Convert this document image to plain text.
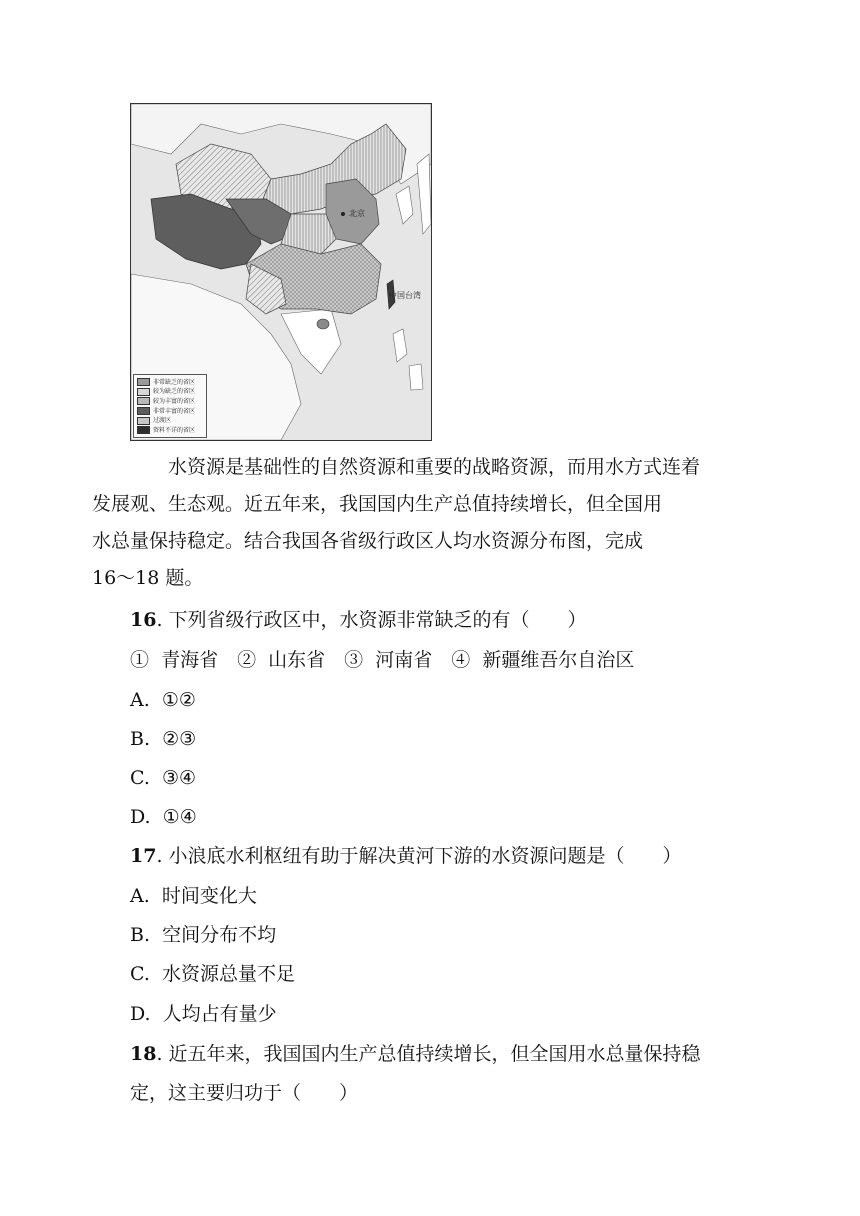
北京
中国台湾
非常缺乏的省区
较为缺乏的省区
较为丰富的省区
非常丰富的省区
过渡区
资料不详的省区
水资源是基础性的自然资源和重要的战略资源，而用水方式连着
发展观、生态观。近五年来，我国国内生产总值持续增长，但全国用
水总量保持稳定。结合我国各省级行政区人均水资源分布图，完成
16～18 题。
16. 下列省级行政区中，水资源非常缺乏的有（　　）
①  青海省　②  山东省　③  河南省　④  新疆维吾尔自治区
A.  ①②
B.  ②③
C.  ③④
D.  ①④
17. 小浪底水利枢纽有助于解决黄河下游的水资源问题是（　　）
A.  时间变化大
B.  空间分布不均
C.  水资源总量不足
D.  人均占有量少
18. 近五年来，我国国内生产总值持续增长，但全国用水总量保持稳
定，这主要归功于（　　）
